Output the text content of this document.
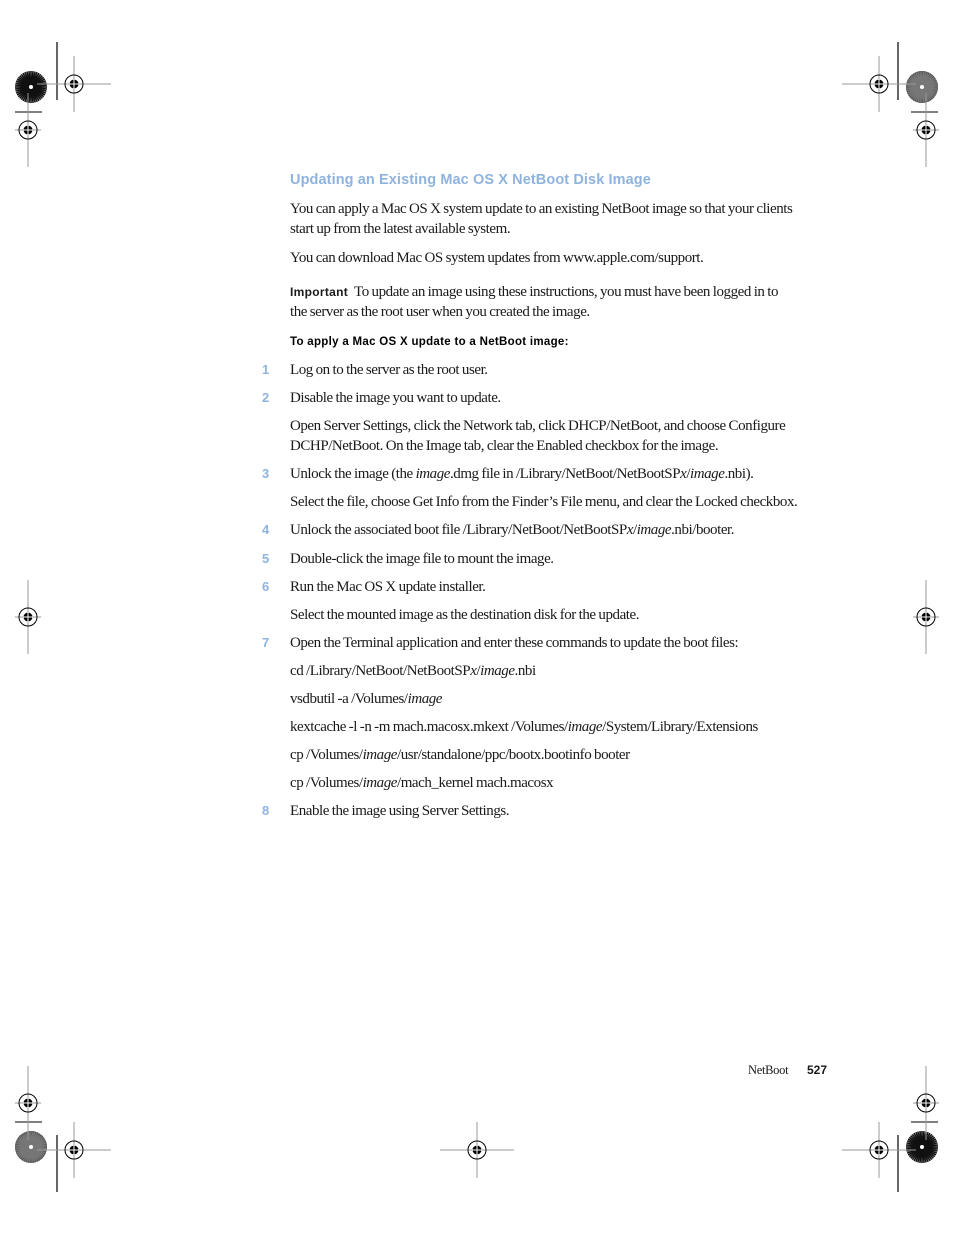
Updating an Existing Mac OS X NetBoot Disk Image
You can apply a Mac OS X system update to an existing NetBoot image so that your clients
start up from the latest available system.
You can download Mac OS system updates from www.apple.com/support.
Important To update an image using these instructions, you must have been logged in to
the server as the root user when you created the image.
To apply a Mac OS X update to a NetBoot image:
1 Log on to the server as the root user.
2 Disable the image you want to update.
Open Server Settings, click the Network tab, click DHCP/NetBoot, and choose Configure
DCHP/NetBoot. On the Image tab, clear the Enabled checkbox for the image.
3 Unlock the image (the image.dmg file in /Library/NetBoot/NetBootSPx/image.nbi).
Select the file, choose Get Info from the Finder’s File menu, and clear the Locked checkbox.
4 Unlock the associated boot file /Library/NetBoot/NetBootSPx/image.nbi/booter.
5 Double-click the image file to mount the image.
6 Run the Mac OS X update installer.
Select the mounted image as the destination disk for the update.
7 Open the Terminal application and enter these commands to update the boot files:
cd /Library/NetBoot/NetBootSPx/image.nbi
vsdbutil -a /Volumes/image
kextcache -l -n -m mach.macosx.mkext /Volumes/image/System/Library/Extensions
cp /Volumes/image/usr/standalone/ppc/bootx.bootinfo booter
cp /Volumes/image/mach_kernel mach.macosx
8 Enable the image using Server Settings.
NetBoot 527
